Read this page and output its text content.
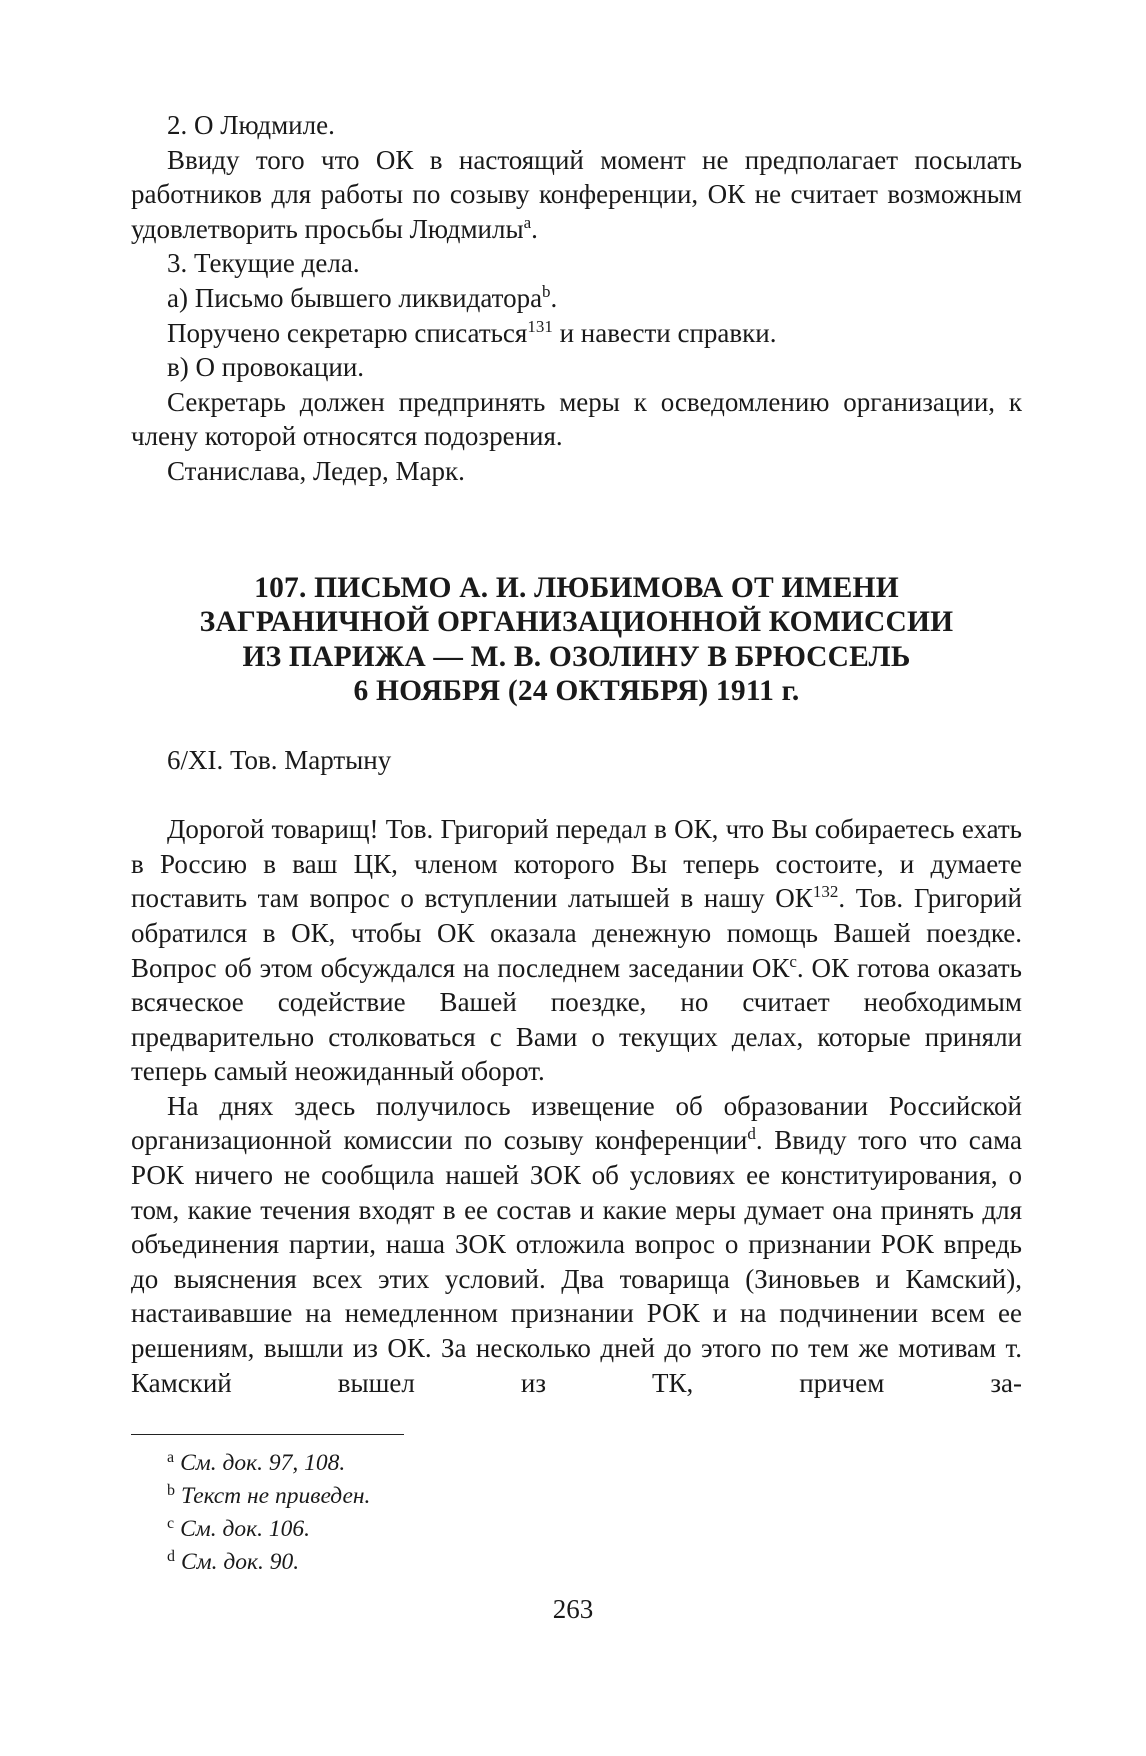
2. О Людмиле.

Ввиду того что ОК в настоящий момент не предполагает посылать работников для работы по созыву конференции, ОК не считает возможным удовлетворить просьбы Людмилы$^a$.

3. Текущие дела.

а) Письмо бывшего ликвидатора$^b$.

Поручено секретарю списаться$^{131}$ и навести справки.

в) О провокации.

Секретарь должен предпринять меры к осведомлению организации, к члену которой относятся подозрения.

Станислава, Ледер, Марк.

107. ПИСЬМО А. И. ЛЮБИМОВА ОТ ИМЕНИ
ЗАГРАНИЧНОЙ ОРГАНИЗАЦИОННОЙ КОМИССИИ
ИЗ ПАРИЖА — М. В. ОЗОЛИНУ В БРЮССЕЛЬ
6 НОЯБРЯ (24 ОКТЯБРЯ) 1911 г.

6/XI. Тов. Мартыну

Дорогой товарищ! Тов. Григорий передал в ОК, что Вы собираетесь ехать в Россию в ваш ЦК, членом которого Вы теперь состоите, и думаете поставить там вопрос о вступлении латышей в нашу ОК$^{132}$. Тов. Григорий обратился в ОК, чтобы ОК оказала денежную помощь Вашей поездке. Вопрос об этом обсуждался на последнем заседании $ОК^c$. ОК готова оказать всяческое содействие Вашей поездке, но считает необходимым предварительно столковаться с Вами о текущих делах, которые приняли теперь самый неожиданный оборот.

На днях здесь получилось извещение об образовании Российской организационной комиссии по созыву конференции$^d$. Ввиду того что сама РОК ничего не сообщила нашей ЗОК об условиях ее конституирования, о том, какие течения входят в ее состав и какие меры думает она принять для объединения партии, наша ЗОК отложила вопрос о признании РОК впредь до выяснения всех этих условий. Два товарища (Зиновьев и Камский), настаивавшие на немедленном признании РОК и на подчинении всем ее решениям, вышли из ОК. За несколько дней до этого по тем же мотивам т. Камский вышел из ТК, причем за-

$^a$ См. док. 97, 108.
$^b$ Текст не приведен.
$^c$ См. док. 106.
$^d$ См. док. 90.
263
